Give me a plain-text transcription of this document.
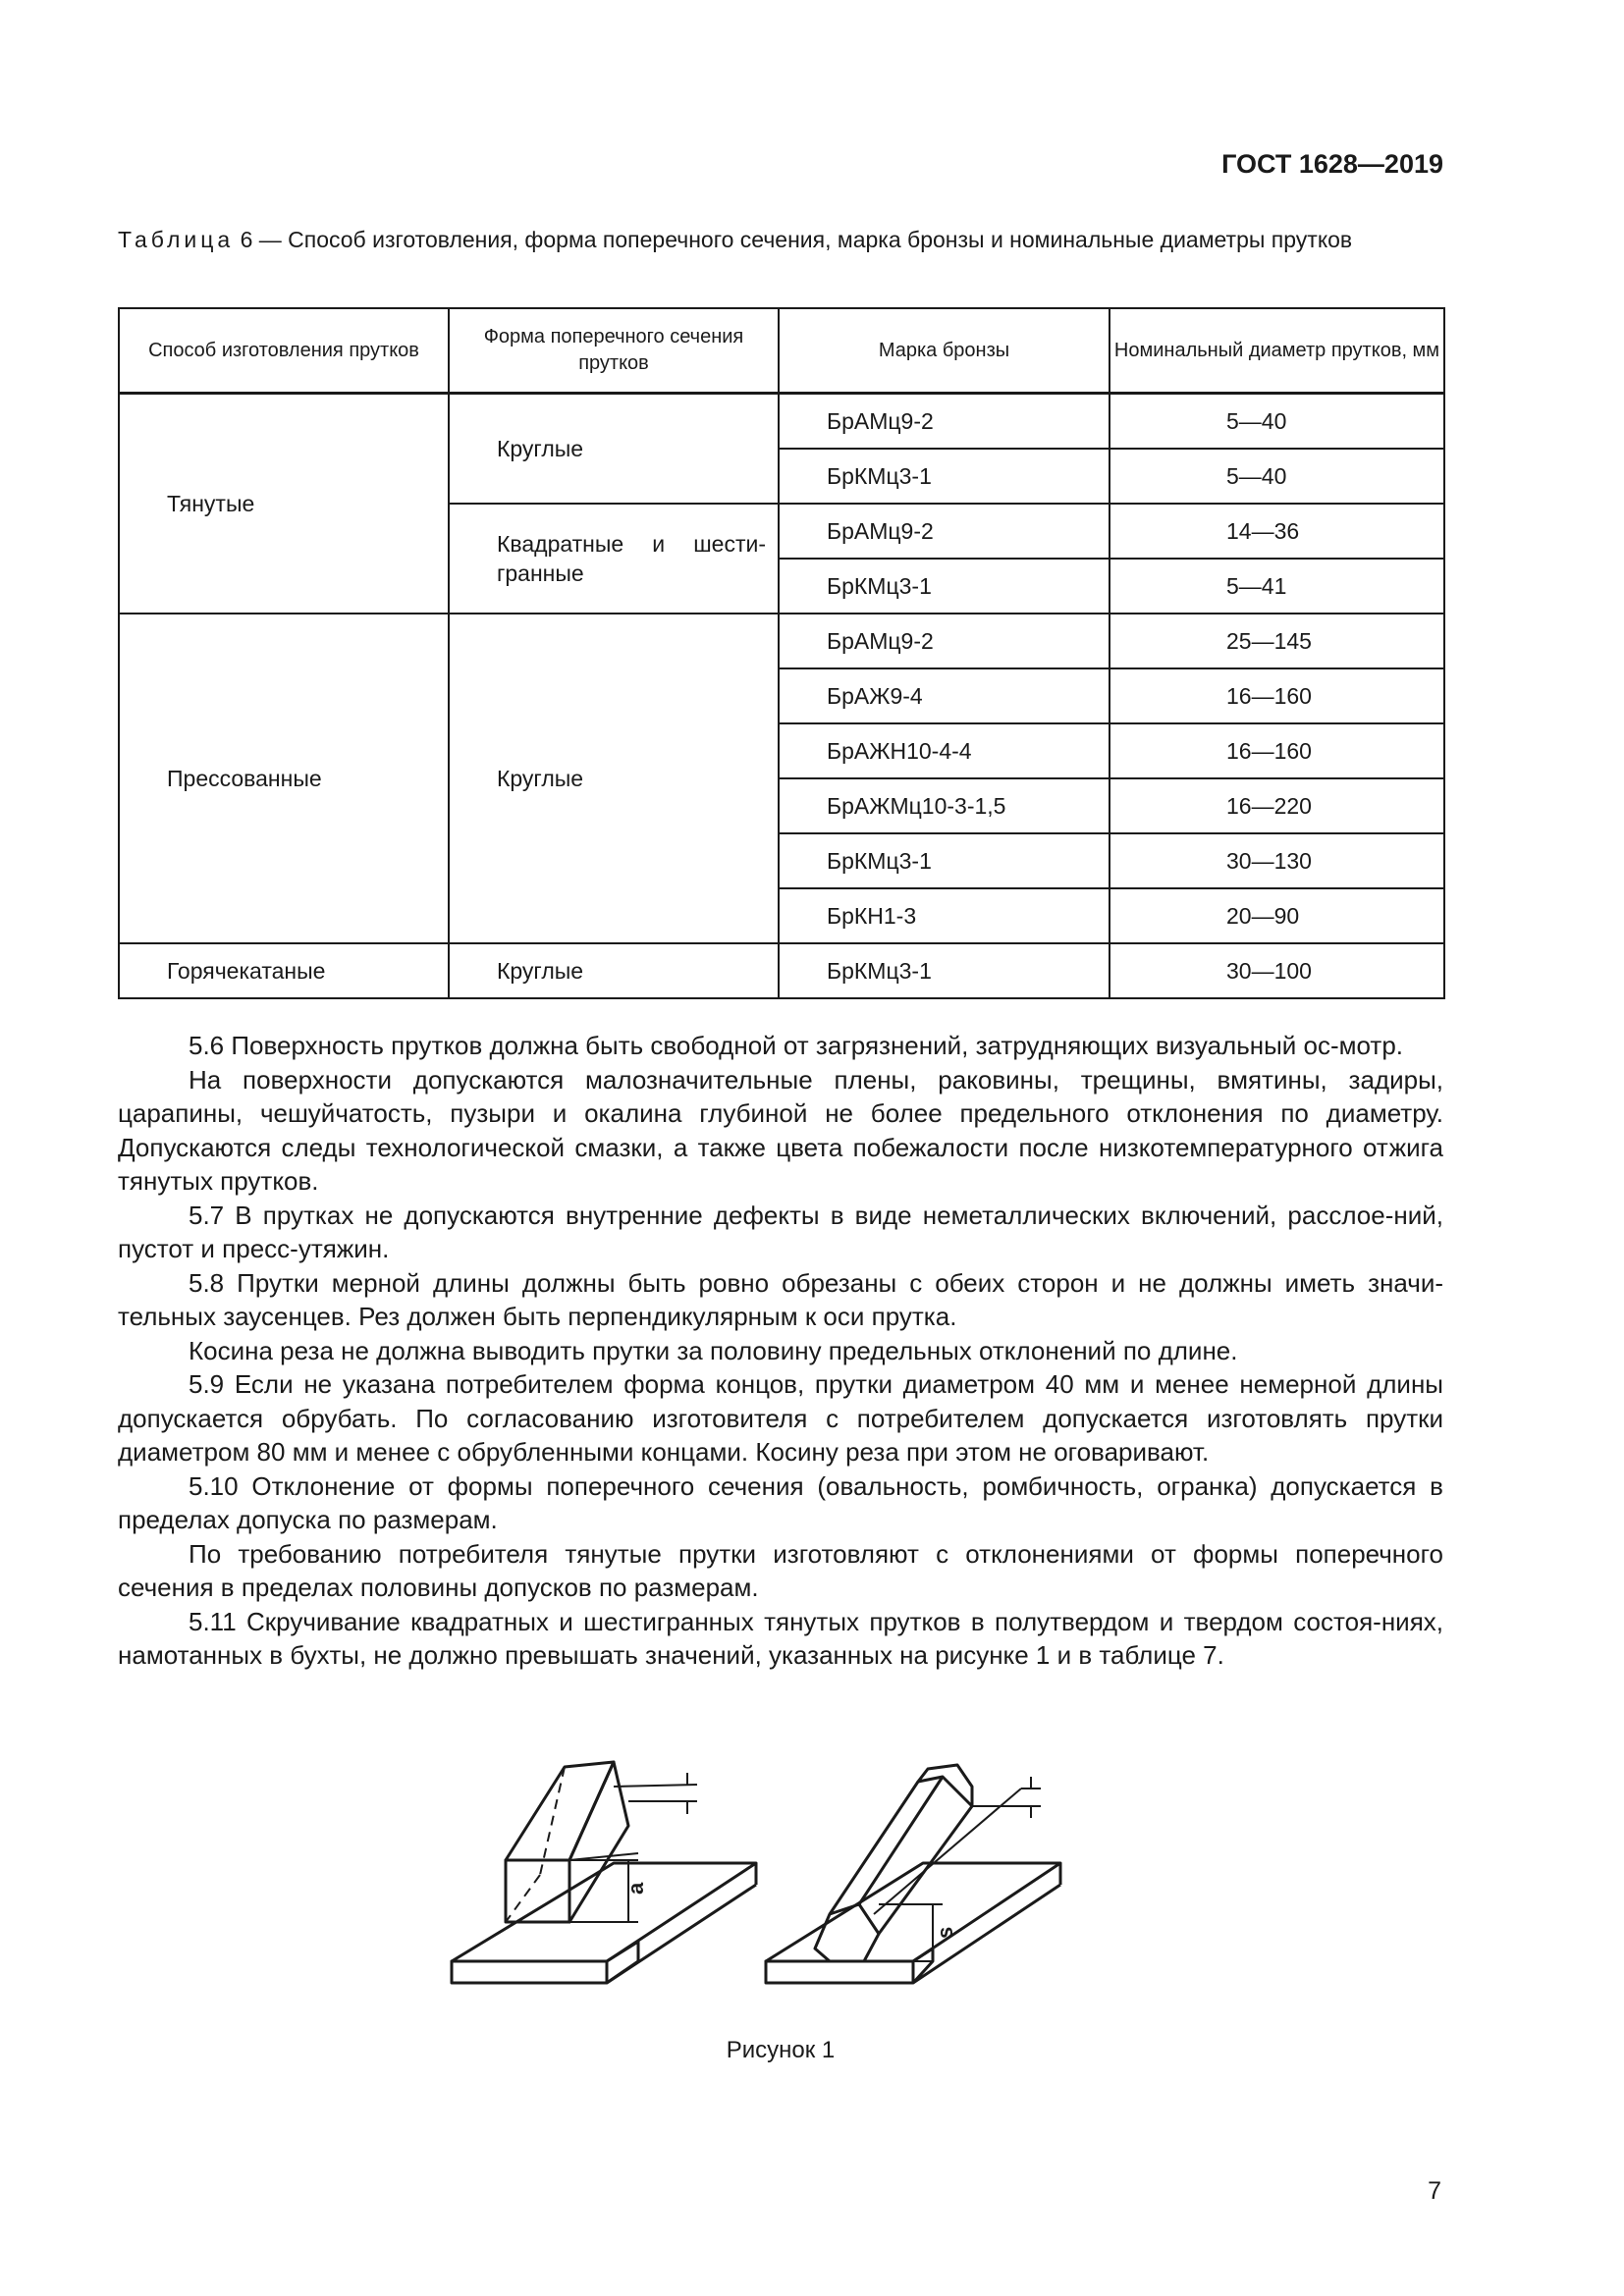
ГОСТ 1628—2019
Таблица 6 — Способ изготовления, форма поперечного сечения, марка бронзы и номинальные диаметры прутков
Способ изготовления прутков	Форма поперечного сечения прутков	Марка бронзы	Номинальный диаметр прутков, мм
Тянутые	Круглые	БрАМц9-2	5—40
		БрКМц3-1	5—40
	Квадратные и шести-гранные	БрАМц9-2	14—36
		БрКМц3-1	5—41
Прессованные	Круглые	БрАМц9-2	25—145
		БрАЖ9-4	16—160
		БрАЖН10-4-4	16—160
		БрАЖМц10-3-1,5	16—220
		БрКМц3-1	30—130
		БрКН1-3	20—90
Горячекатаные	Круглые	БрКМц3-1	30—100

5.6 Поверхность прутков должна быть свободной от загрязнений, затрудняющих визуальный ос-мотр.

На поверхности допускаются малозначительные плены, раковины, трещины, вмятины, задиры, царапины, чешуйчатость, пузыри и окалина глубиной не более предельного отклонения по диаметру. Допускаются следы технологической смазки, а также цвета побежалости после низкотемпературного отжига тянутых прутков.

5.7 В прутках не допускаются внутренние дефекты в виде неметаллических включений, расслое-ний, пустот и пресс-утяжин.

5.8 Прутки мерной длины должны быть ровно обрезаны с обеих сторон и не должны иметь значи-тельных заусенцев. Рез должен быть перпендикулярным к оси прутка.

Косина реза не должна выводить прутки за половину предельных отклонений по длине.

5.9 Если не указана потребителем форма концов, прутки диаметром 40 мм и менее немерной длины допускается обрубать. По согласованию изготовителя с потребителем допускается изготовлять прутки диаметром 80 мм и менее с обрубленными концами. Косину реза при этом не оговаривают.

5.10 Отклонение от формы поперечного сечения (овальность, ромбичность, огранка) допускается в пределах допуска по размерам.

По требованию потребителя тянутые прутки изготовляют с отклонениями от формы поперечного сечения в пределах половины допусков по размерам.

5.11 Скручивание квадратных и шестигранных тянутых прутков в полутвердом и твердом состоя-ниях, намотанных в бухты, не должно превышать значений, указанных на рисунке 1 и в таблице 7.

a
s
Рисунок 1
7
